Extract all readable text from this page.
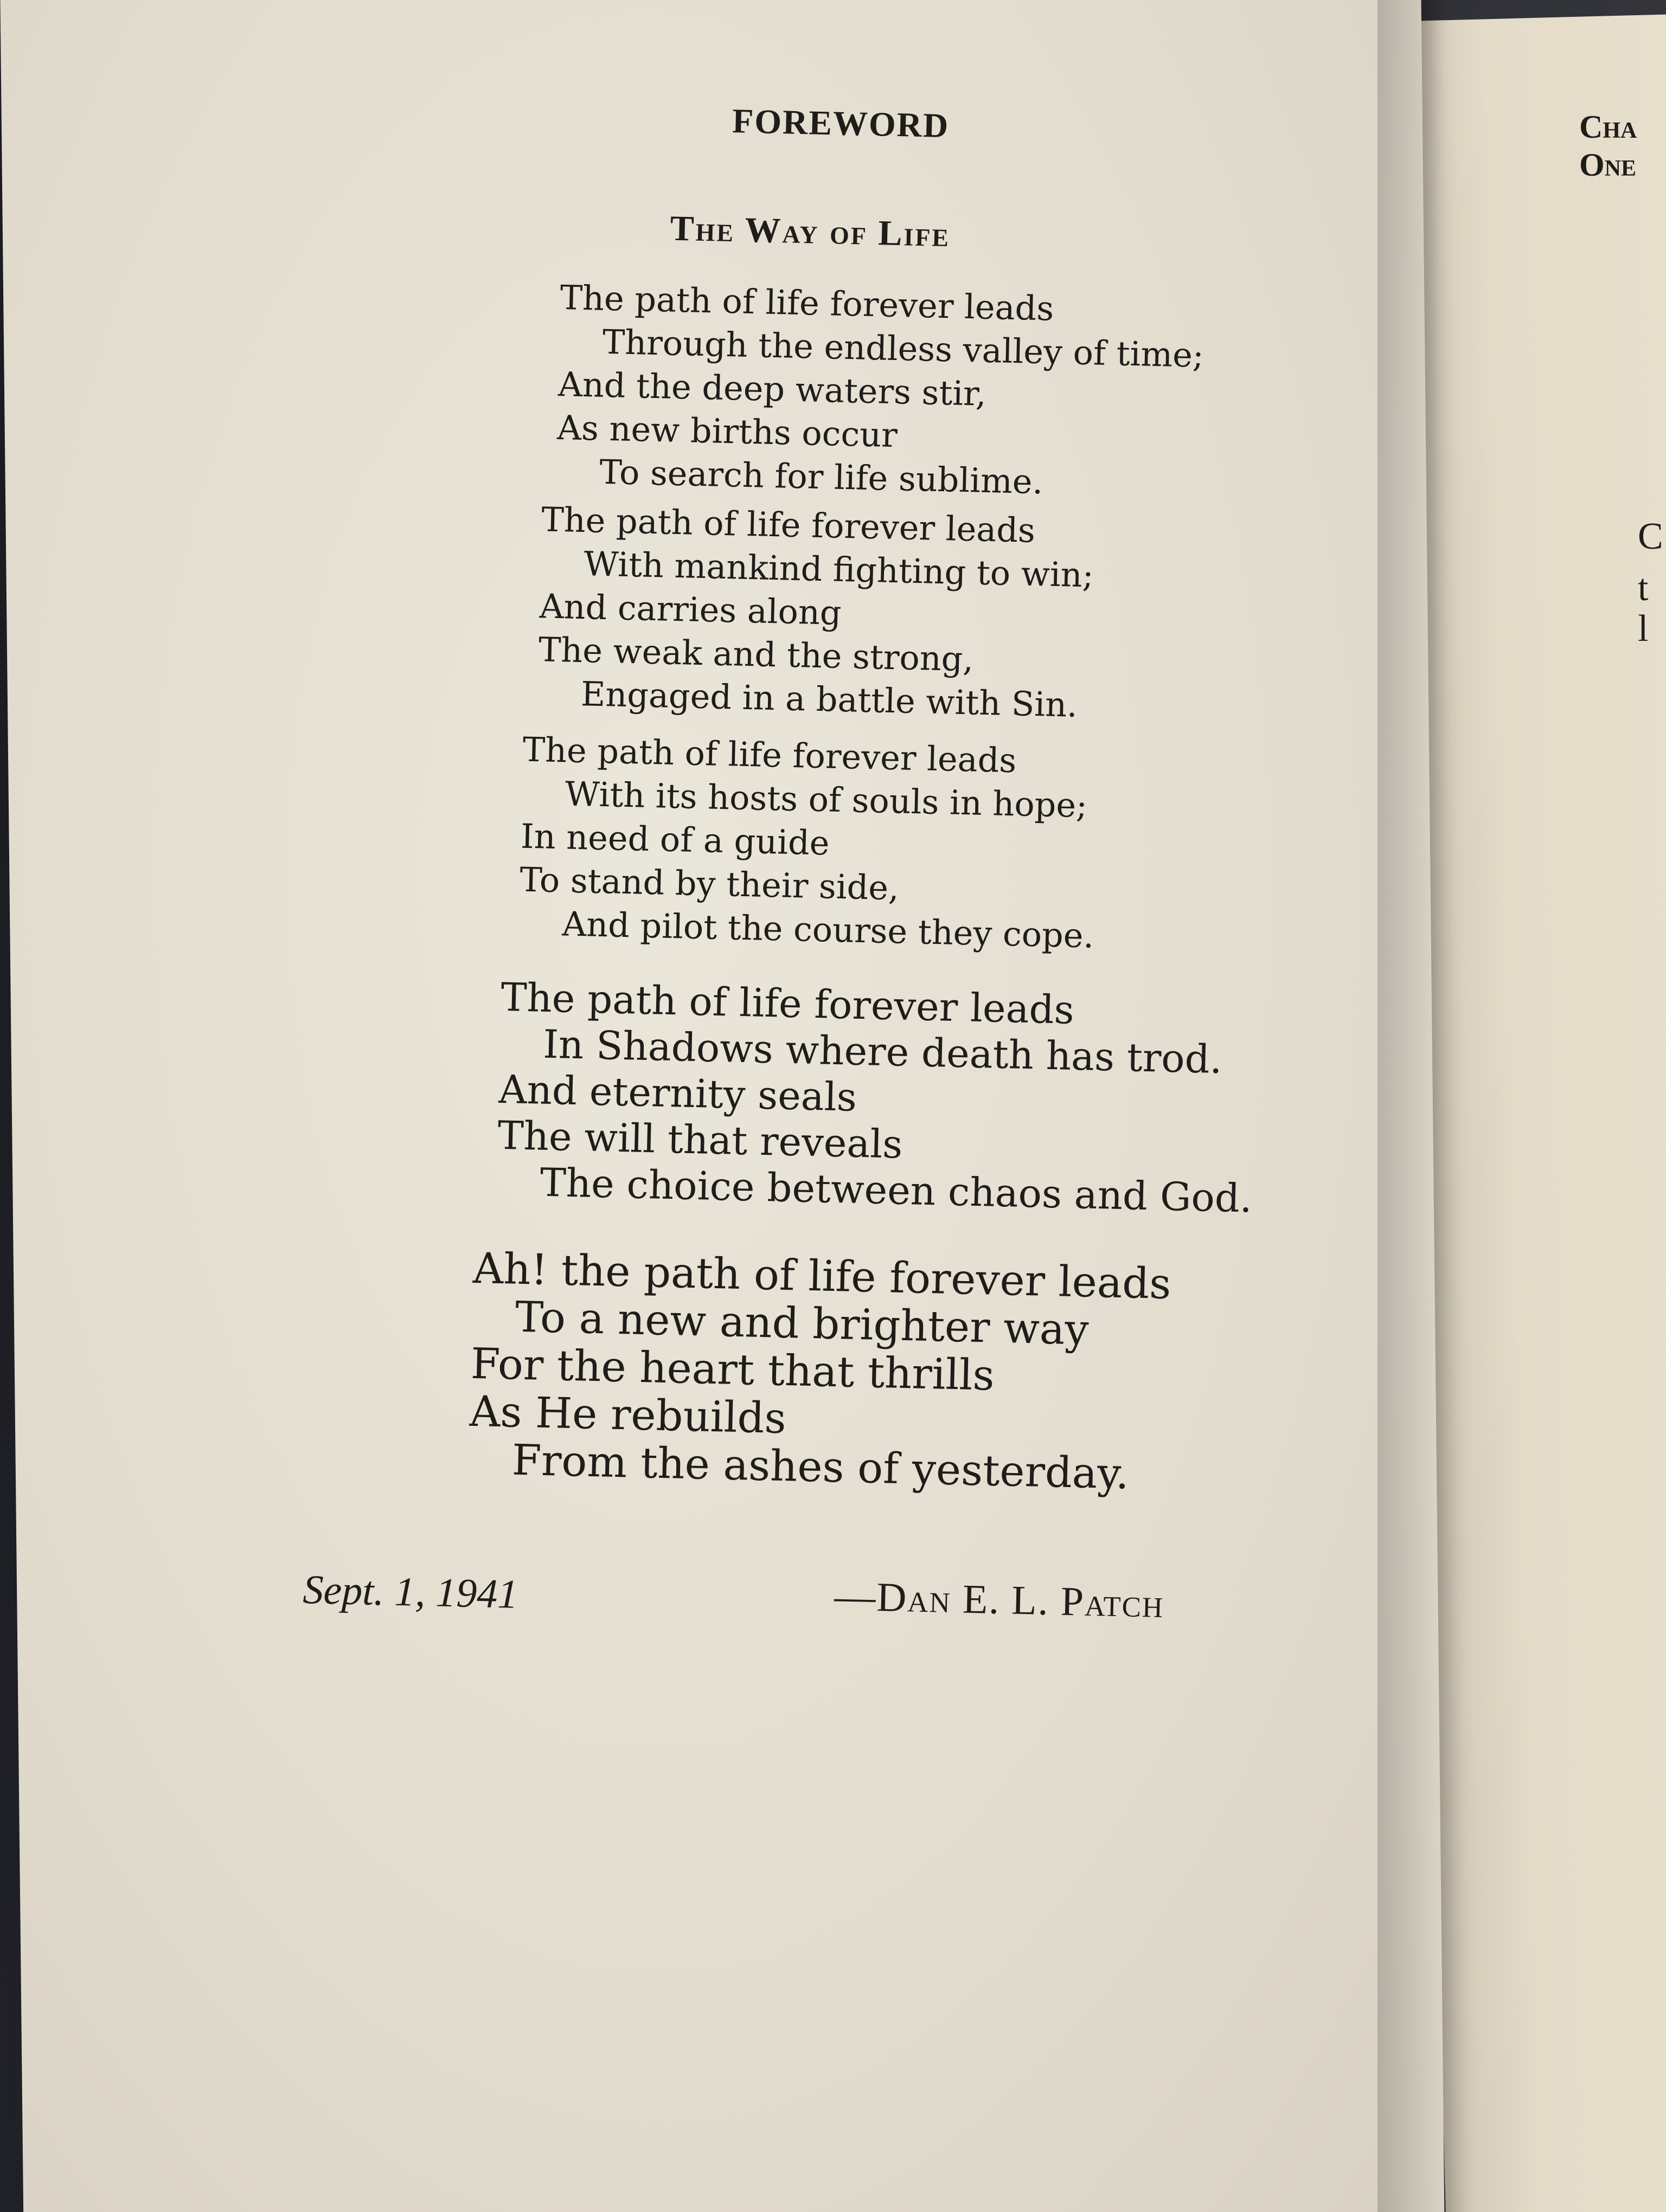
FOREWORD
The Way of Life
The path of life forever leads
Through the endless valley of time;
And the deep waters stir,
As new births occur
To search for life sublime.
The path of life forever leads
With mankind fighting to win;
And carries along
The weak and the strong,
Engaged in a battle with Sin.
The path of life forever leads
With its hosts of souls in hope;
In need of a guide
To stand by their side,
And pilot the course they cope.
The path of life forever leads
In Shadows where death has trod.
And eternity seals
The will that reveals
The choice between chaos and God.
Ah! the path of life forever leads
To a new and brighter way
For the heart that thrills
As He rebuilds
From the ashes of yesterday.
Sept. 1, 1941	—Dan E. L. Patch
Cha
One
C
t
l
